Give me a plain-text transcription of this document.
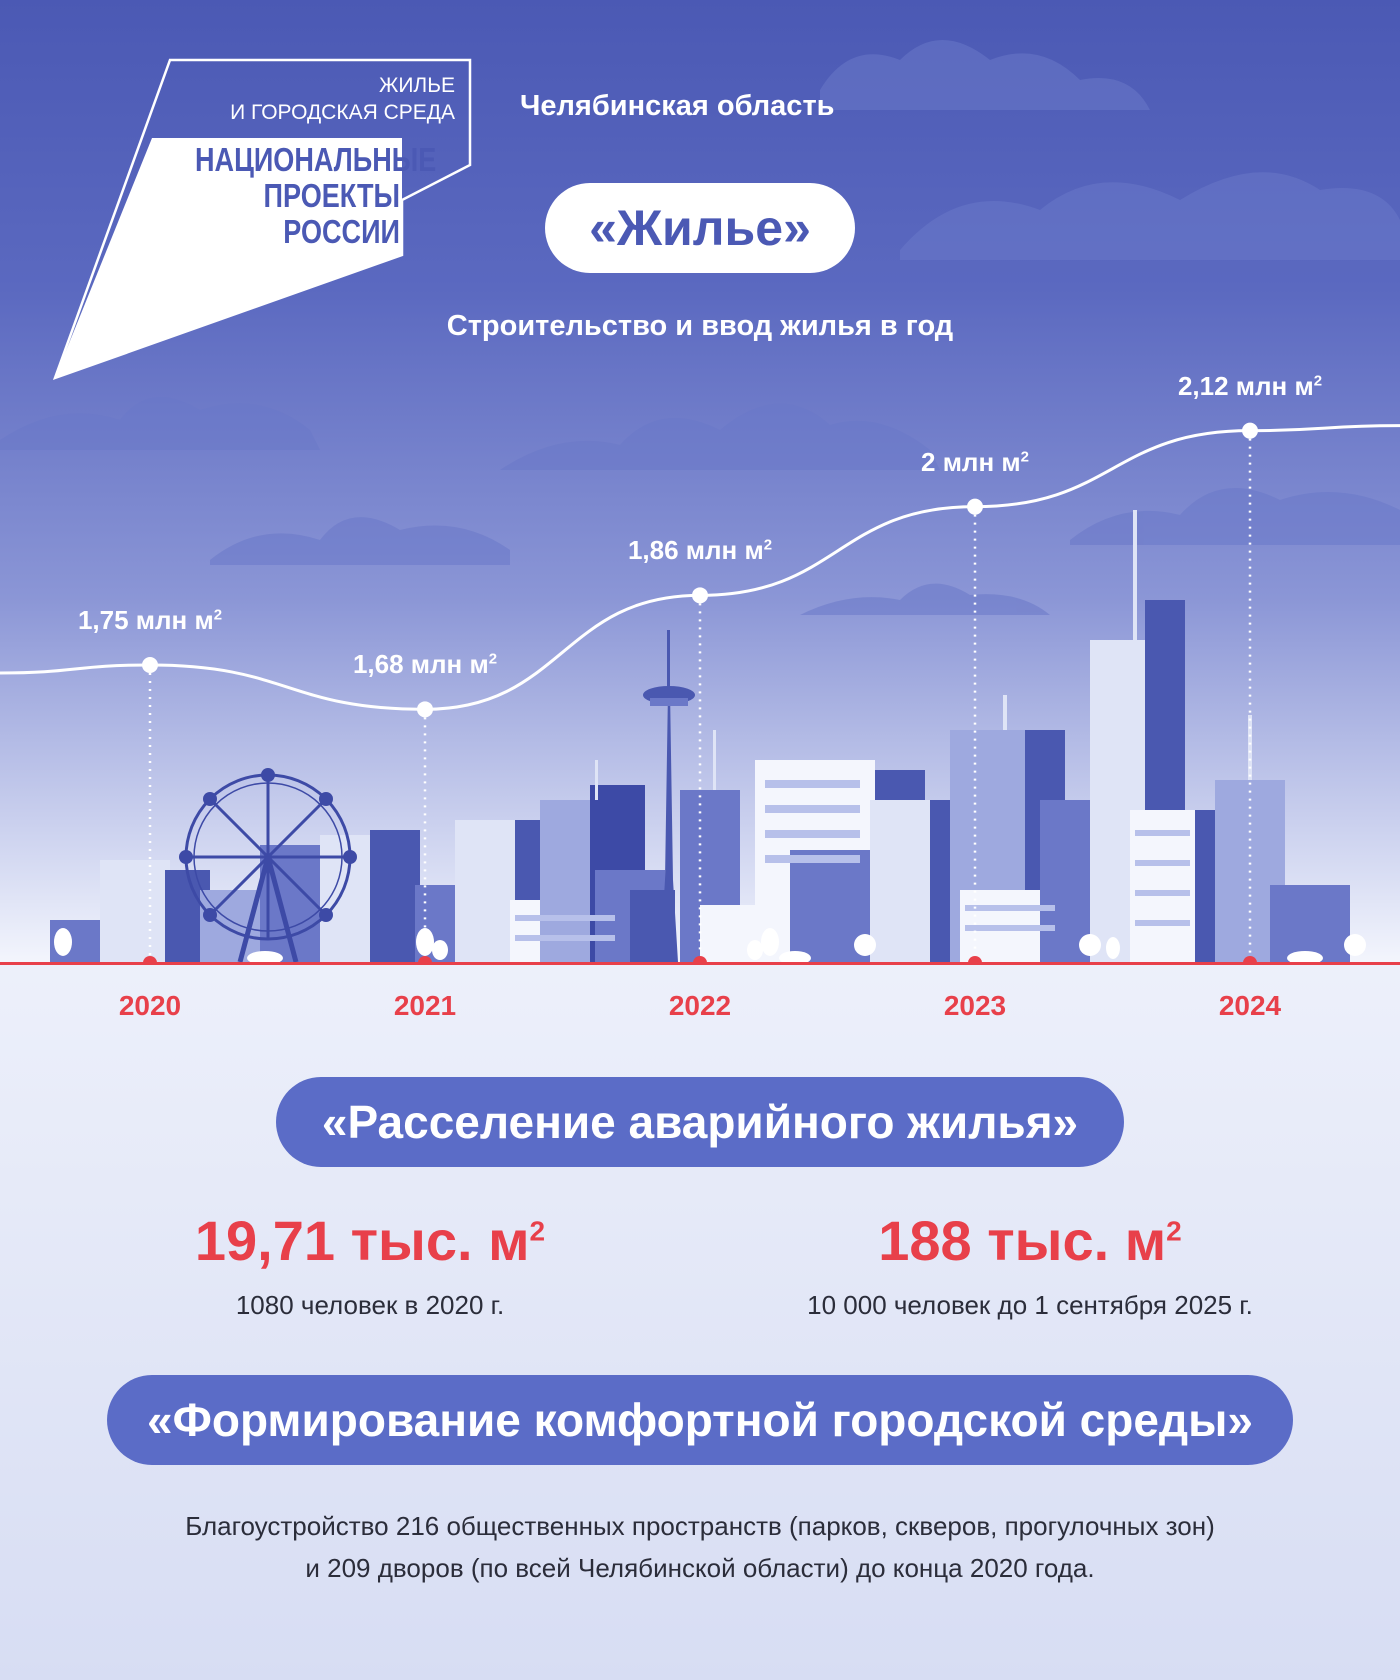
ЖИЛЬЕ
И ГОРОДСКАЯ СРЕДА
НАЦИОНАЛЬНЫЕ
ПРОЕКТЫ
РОССИИ
Челябинская область
«Жилье»
Строительство и ввод жилья в год
1,75 млн $м^2$
1,68 млн $м^2$
1,86 млн $м^2$
2 млн $м^2$
2,12 млн $м^2$
2020	2021	2022	2023	2024
«Расселение аварийного жилья»
19,71 тыс. $м^2$
1080 человек в 2020 г.
188 тыс. $м^2$
10 000 человек до 1 сентября 2025 г.
«Формирование комфортной городской среды»
Благоустройство 216 общественных пространств (парков, скверов, прогулочных зон)
и 209 дворов (по всей Челябинской области) до конца 2020 года.
